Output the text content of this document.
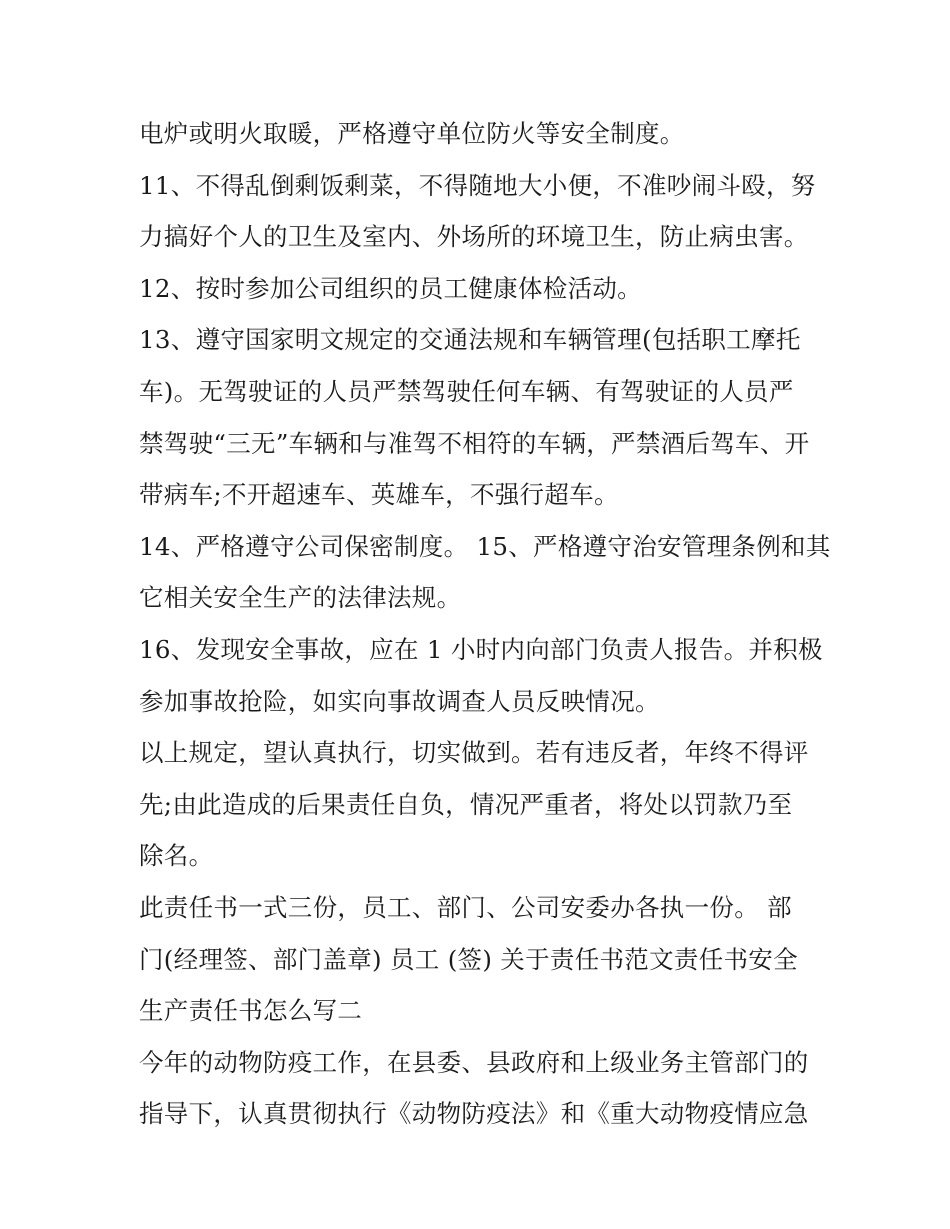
电炉或明火取暖，严格遵守单位防火等安全制度。

11、不得乱倒剩饭剩菜，不得随地大小便，不准吵闹斗殴，努
力搞好个人的卫生及室内、外场所的环境卫生，防止病虫害。

12、按时参加公司组织的员工健康体检活动。

13、遵守国家明文规定的交通法规和车辆管理(包括职工摩托
车)。无驾驶证的人员严禁驾驶任何车辆、有驾驶证的人员严
禁驾驶“三无”车辆和与准驾不相符的车辆，严禁酒后驾车、开
带病车;不开超速车、英雄车，不强行超车。

14、严格遵守公司保密制度。 15、严格遵守治安管理条例和其
它相关安全生产的法律法规。

16、发现安全事故，应在 1 小时内向部门负责人报告。并积极
参加事故抢险，如实向事故调查人员反映情况。

以上规定，望认真执行，切实做到。若有违反者，年终不得评
先;由此造成的后果责任自负，情况严重者，将处以罚款乃至
除名。

此责任书一式三份，员工、部门、公司安委办各执一份。 部
门(经理签、部门盖章) 员工 (签) 关于责任书范文责任书安全
生产责任书怎么写二

今年的动物防疫工作，在县委、县政府和上级业务主管部门的
指导下，认真贯彻执行《动物防疫法》和《重大动物疫情应急
